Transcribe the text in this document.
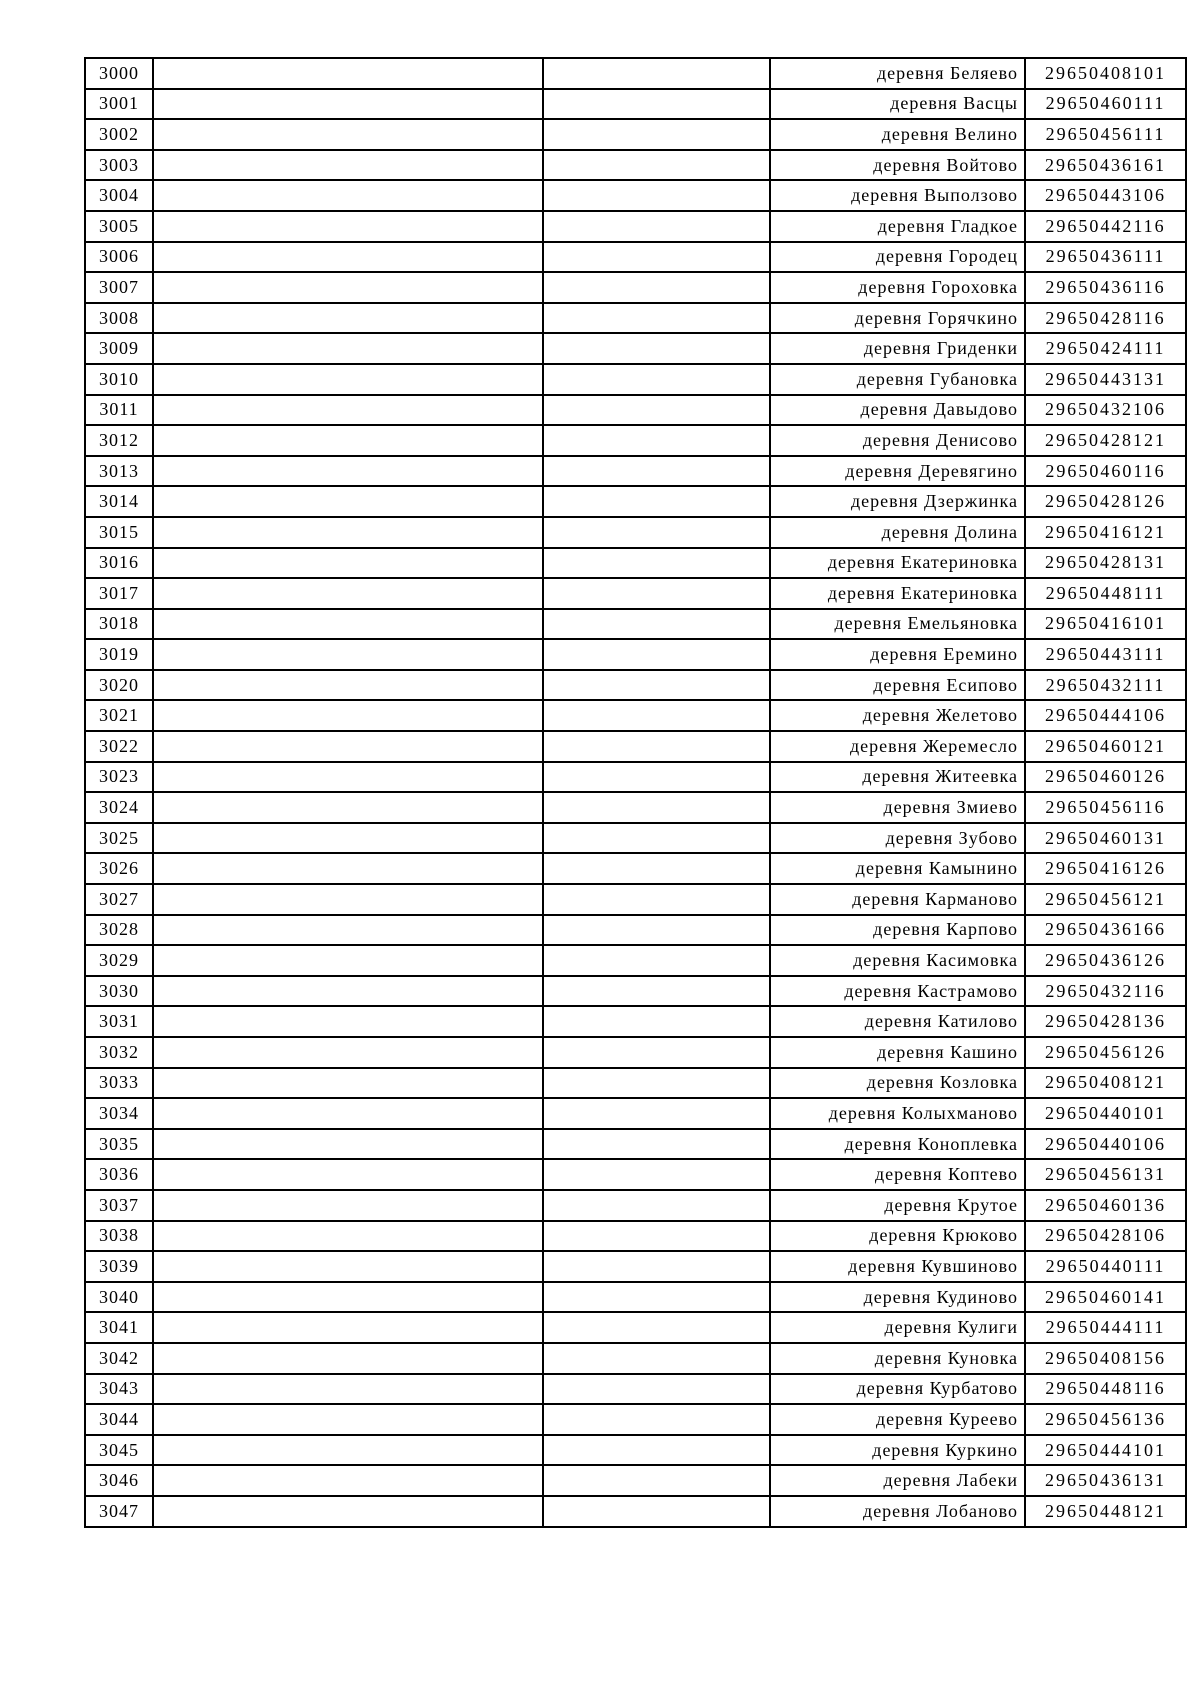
3000			деревня Беляево	29650408101
3001			деревня Васцы	29650460111
3002			деревня Велино	29650456111
3003			деревня Войтово	29650436161
3004			деревня Выползово	29650443106
3005			деревня Гладкое	29650442116
3006			деревня Городец	29650436111
3007			деревня Гороховка	29650436116
3008			деревня Горячкино	29650428116
3009			деревня Гриденки	29650424111
3010			деревня Губановка	29650443131
3011			деревня Давыдово	29650432106
3012			деревня Денисово	29650428121
3013			деревня Деревягино	29650460116
3014			деревня Дзержинка	29650428126
3015			деревня Долина	29650416121
3016			деревня Екатериновка	29650428131
3017			деревня Екатериновка	29650448111
3018			деревня Емельяновка	29650416101
3019			деревня Еремино	29650443111
3020			деревня Есипово	29650432111
3021			деревня Желетово	29650444106
3022			деревня Жеремесло	29650460121
3023			деревня Житеевка	29650460126
3024			деревня Змиево	29650456116
3025			деревня Зубово	29650460131
3026			деревня Камынино	29650416126
3027			деревня Карманово	29650456121
3028			деревня Карпово	29650436166
3029			деревня Касимовка	29650436126
3030			деревня Кастрамово	29650432116
3031			деревня Катилово	29650428136
3032			деревня Кашино	29650456126
3033			деревня Козловка	29650408121
3034			деревня Колыхманово	29650440101
3035			деревня Коноплевка	29650440106
3036			деревня Коптево	29650456131
3037			деревня Крутое	29650460136
3038			деревня Крюково	29650428106
3039			деревня Кувшиново	29650440111
3040			деревня Кудиново	29650460141
3041			деревня Кулиги	29650444111
3042			деревня Куновка	29650408156
3043			деревня Курбатово	29650448116
3044			деревня Куреево	29650456136
3045			деревня Куркино	29650444101
3046			деревня Лабеки	29650436131
3047			деревня Лобаново	29650448121
